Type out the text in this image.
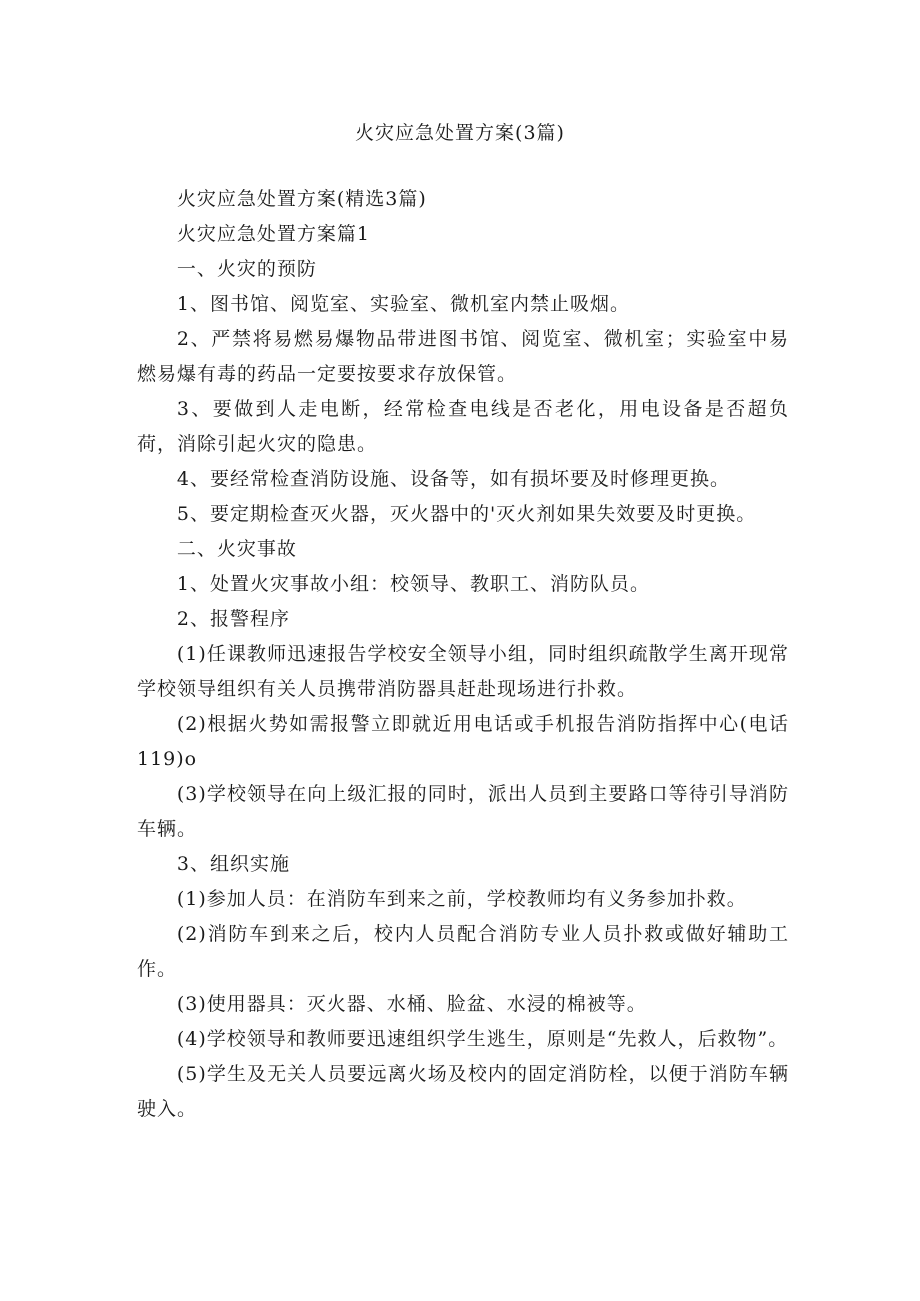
火灾应急处置方案(3篇)

火灾应急处置方案(精选3篇)

火灾应急处置方案篇1

一、火灾的预防

1、图书馆、阅览室、实验室、微机室内禁止吸烟。

2、严禁将易燃易爆物品带进图书馆、阅览室、微机室；实验室中易燃易爆有毒的药品一定要按要求存放保管。

3、要做到人走电断，经常检查电线是否老化，用电设备是否超负荷，消除引起火灾的隐患。

4、要经常检查消防设施、设备等，如有损坏要及时修理更换。

5、要定期检查灭火器，灭火器中的'灭火剂如果失效要及时更换。

二、火灾事故

1、处置火灾事故小组：校领导、教职工、消防队员。

2、报警程序

(1)任课教师迅速报告学校安全领导小组，同时组织疏散学生离开现常学校领导组织有关人员携带消防器具赶赴现场进行扑救。

(2)根据火势如需报警立即就近用电话或手机报告消防指挥中心(电话119)o

(3)学校领导在向上级汇报的同时，派出人员到主要路口等待引导消防车辆。

3、组织实施

(1)参加人员：在消防车到来之前，学校教师均有义务参加扑救。

(2)消防车到来之后，校内人员配合消防专业人员扑救或做好辅助工作。

(3)使用器具：灭火器、水桶、脸盆、水浸的棉被等。

(4)学校领导和教师要迅速组织学生逃生，原则是“先救人，后救物”。

(5)学生及无关人员要远离火场及校内的固定消防栓，以便于消防车辆驶入。
